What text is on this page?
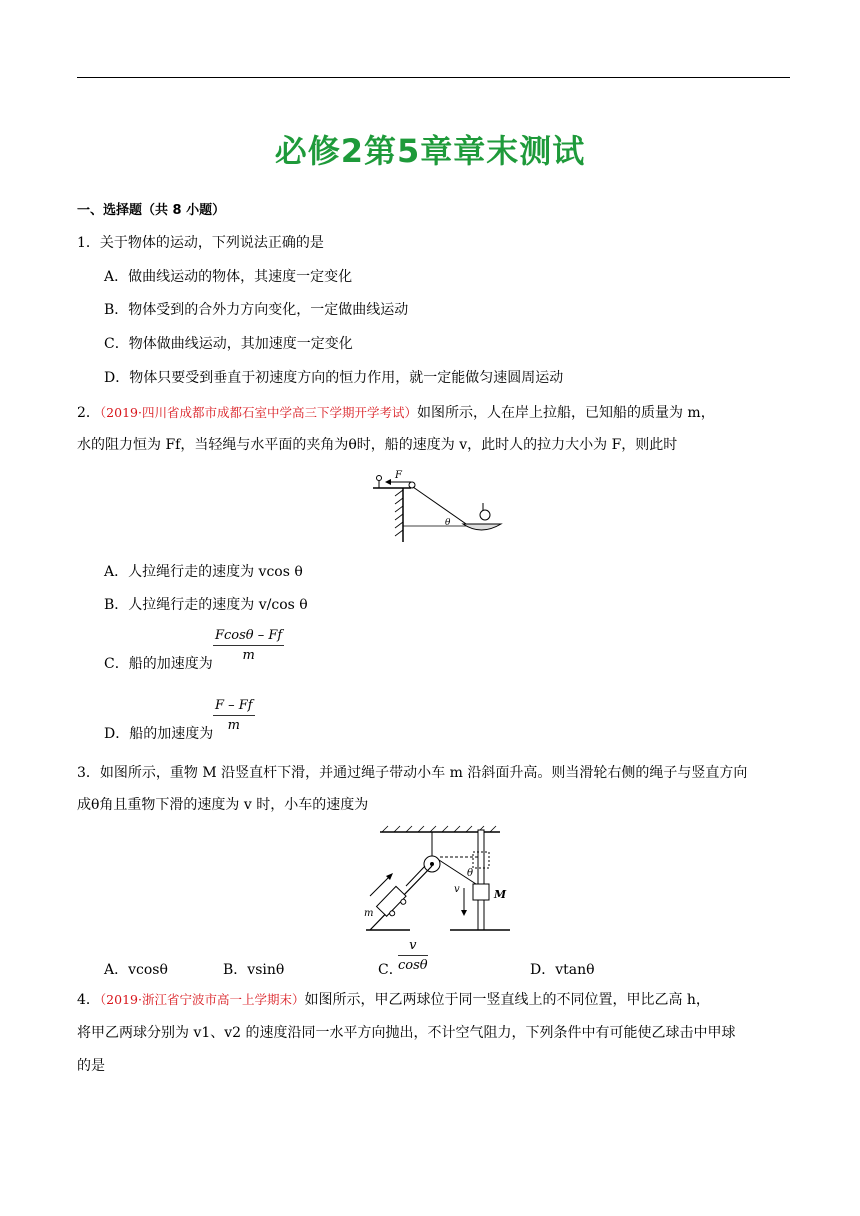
必修2第5章章末测试
一、选择题（共 8 小题）
1．关于物体的运动，下列说法正确的是
A．做曲线运动的物体，其速度一定变化
B．物体受到的合外力方向变化，一定做曲线运动
C．物体做曲线运动，其加速度一定变化
D．物体只要受到垂直于初速度方向的恒力作用，就一定能做匀速圆周运动
2．（2019·四川省成都市成都石室中学高三下学期开学考试）如图所示，人在岸上拉船，已知船的质量为 m，
水的阻力恒为 Ff，当轻绳与水平面的夹角为θ时，船的速度为 v，此时人的拉力大小为 F，则此时
F
θ
A．人拉绳行走的速度为 vcos θ
B．人拉绳行走的速度为 v/cos θ
C．船的加速度为
$\frac{Fcos\theta - Ff}{m}$
D．船的加速度为
$\frac{F - Ff}{m}$
3．如图所示，重物 M 沿竖直杆下滑，并通过绳子带动小车 m 沿斜面升高。则当滑轮右侧的绳子与竖直方向
成θ角且重物下滑的速度为 v 时，小车的速度为
θ
M
v
m
A．vcosθ	B．vsinθ	C．
$\frac{v}{\cos\theta}$	D．vtanθ
4．（2019·浙江省宁波市高一上学期末）如图所示，甲乙两球位于同一竖直线上的不同位置，甲比乙高 h，
将甲乙两球分别为 v1、v2 的速度沿同一水平方向抛出，不计空气阻力，下列条件中有可能使乙球击中甲球
的是
